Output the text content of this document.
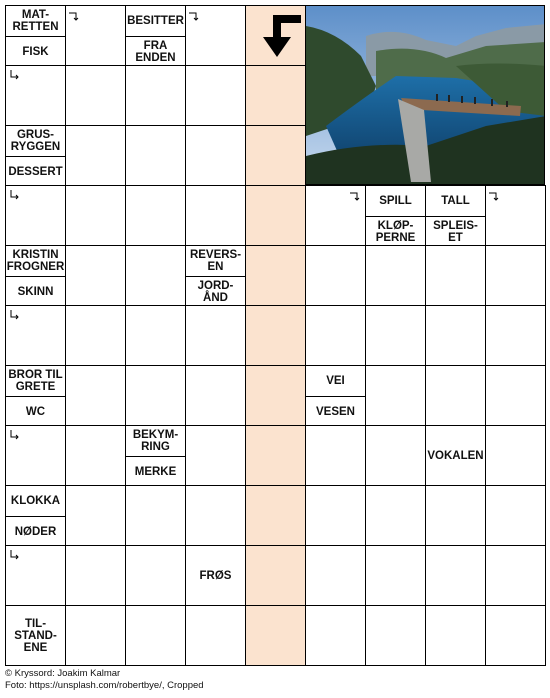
MAT-
RETTEN
FISK
BESITTER
FRA
ENDEN
GRUS-
RYGGEN
DESSERT
SPILL
KLØP-
PERNE
TALL
SPLEIS-
ET
KRISTIN
FROGNER
SKINN
REVERS-
EN
JORD-
ÅND
BROR TIL
GRETE
WC
VEI
VESEN
BEKYM-
RING
MERKE
VOKALEN
KLOKKA
NØDER
FRØS
TIL-
STAND-
ENE
© Kryssord: Joakim Kalmar
Foto: https://unsplash.com/robertbye/, Cropped
